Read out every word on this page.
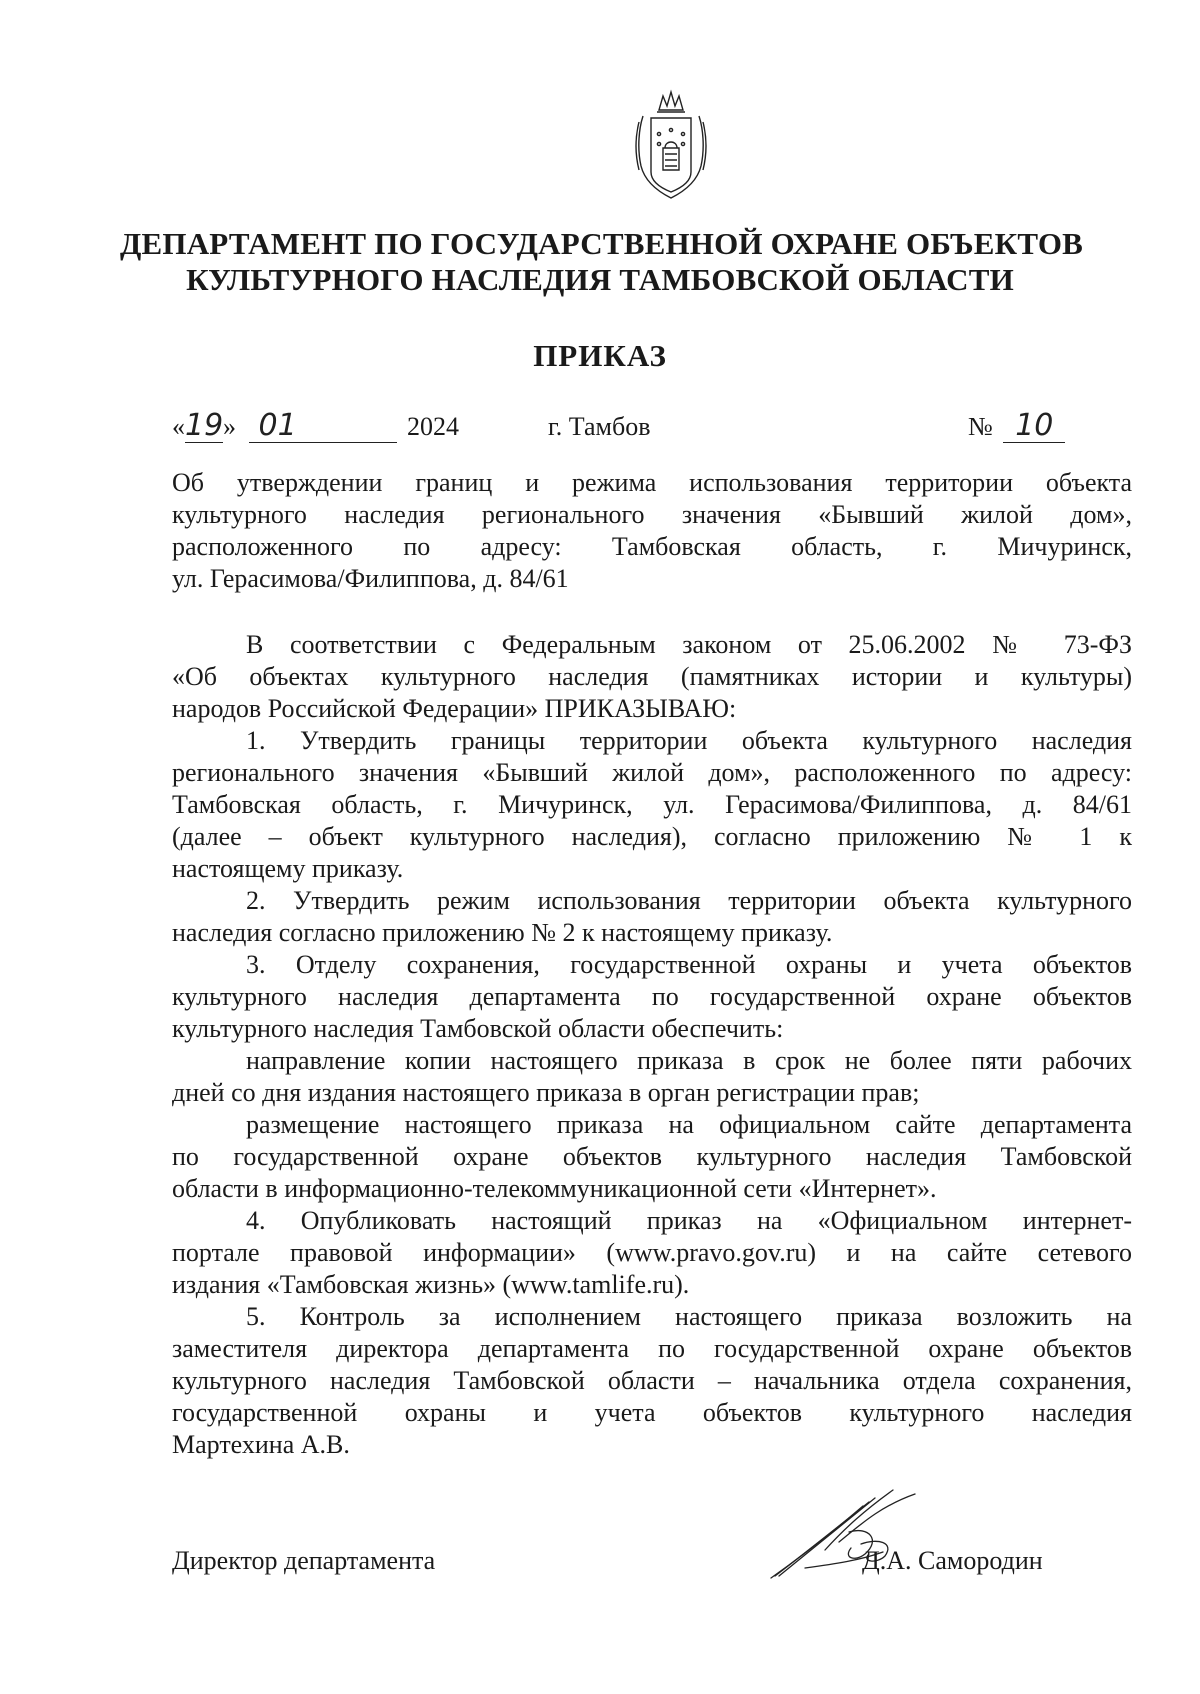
ДЕПАРТАМЕНТ ПО ГОСУДАРСТВЕННОЙ ОХРАНЕ ОБЪЕКТОВ
КУЛЬТУРНОГО НАСЛЕДИЯ ТАМБОВСКОЙ ОБЛАСТИ
ПРИКАЗ
«19» 01	2024	г. Тамбов	№ 10
Об утверждении границ и режима использования территории объекта
культурного наследия регионального значения «Бывший жилой дом»,
расположенного по адресу: Тамбовская область, г. Мичуринск,
ул. Герасимова/Филиппова, д. 84/61
В соответствии с Федеральным законом от 25.06.2002 № 73-ФЗ
«Об объектах культурного наследия (памятниках истории и культуры)
народов Российской Федерации» ПРИКАЗЫВАЮ:
1. Утвердить границы территории объекта культурного наследия
регионального значения «Бывший жилой дом», расположенного по адресу:
Тамбовская область, г. Мичуринск, ул. Герасимова/Филиппова, д. 84/61
(далее – объект культурного наследия), согласно приложению № 1 к
настоящему приказу.
2. Утвердить режим использования территории объекта культурного
наследия согласно приложению № 2 к настоящему приказу.
3. Отделу сохранения, государственной охраны и учета объектов
культурного наследия департамента по государственной охране объектов
культурного наследия Тамбовской области обеспечить:
направление копии настоящего приказа в срок не более пяти рабочих
дней со дня издания настоящего приказа в орган регистрации прав;
размещение настоящего приказа на официальном сайте департамента
по государственной охране объектов культурного наследия Тамбовской
области в информационно-телекоммуникационной сети «Интернет».
4. Опубликовать настоящий приказ на «Официальном интернет-
портале правовой информации» (www.pravo.gov.ru) и на сайте сетевого
издания «Тамбовская жизнь» (www.tamlife.ru).
5. Контроль за исполнением настоящего приказа возложить на
заместителя директора департамента по государственной охране объектов
культурного наследия Тамбовской области – начальника отдела сохранения,
государственной охраны и учета объектов культурного наследия
Мартехина А.В.
Директор департамента	Д.А. Самородин
